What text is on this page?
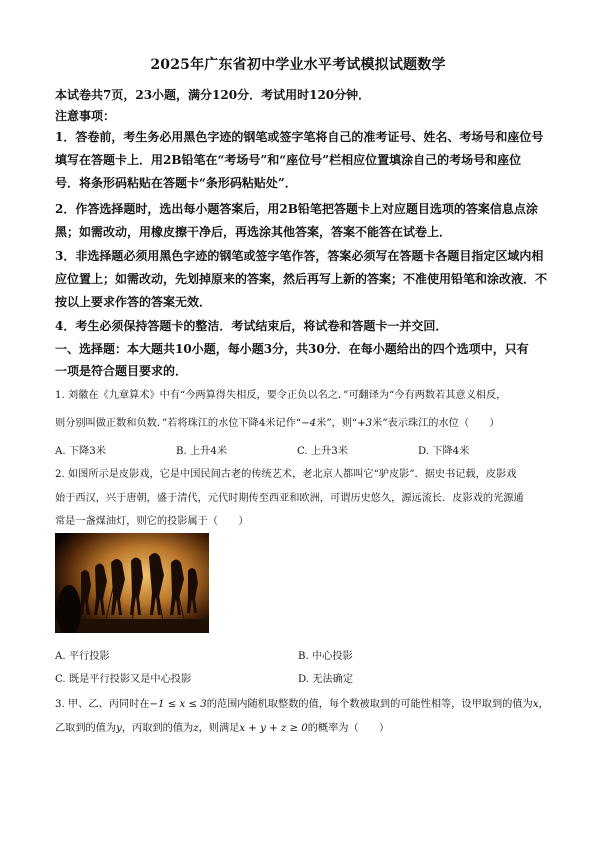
2025年广东省初中学业水平考试模拟试题数学
本试卷共7页，23小题，满分120分．考试用时120分钟．
注意事项：
1．答卷前，考生务必用黑色字迹的钢笔或签字笔将自己的准考证号、姓名、考场号和座位号
填写在答题卡上．用2B铅笔在“考场号”和“座位号”栏相应位置填涂自己的考场号和座位
号．将条形码粘贴在答题卡“条形码粘贴处”．
2．作答选择题时，选出每小题答案后，用2B铅笔把答题卡上对应题目选项的答案信息点涂
黑；如需改动，用橡皮擦干净后，再选涂其他答案，答案不能答在试卷上．
3．非选择题必须用黑色字迹的钢笔或签字笔作答，答案必须写在答题卡各题目指定区域内相
应位置上；如需改动，先划掉原来的答案，然后再写上新的答案；不准使用铅笔和涂改液．不
按以上要求作答的答案无效．
4．考生必须保持答题卡的整洁．考试结束后，将试卷和答题卡一并交回．
一、选择题：本大题共10小题，每小题3分，共30分．在每小题给出的四个选项中，只有
一项是符合题目要求的．
1. 刘徽在《九章算术》中有“今两算得失相反，要令正负以名之．”可翻译为“今有两数若其意义相反，
则分别叫做正数和负数．”若将珠江的水位下降4米记作“−4米”，则“+3米”表示珠江的水位（　　）
A. 下降3米	B. 上升4米	C. 上升3米	D. 下降4米
2. 如图所示是皮影戏，它是中国民间古老的传统艺术，老北京人都叫它“驴皮影”．据史书记载，皮影戏
始于西汉，兴于唐朝，盛于清代，元代时期传至西亚和欧洲，可谓历史悠久，源远流长．皮影戏的光源通
常是一盏煤油灯，则它的投影属于（　　）
A. 平行投影	B. 中心投影
C. 既是平行投影又是中心投影	D. 无法确定
3. 甲、乙、丙同时在−1 ≤ x ≤ 3的范围内随机取整数的值，每个数被取到的可能性相等，设甲取到的值为x，
乙取到的值为y，丙取到的值为z，则满足x + y + z ≥ 0的概率为（　　）
